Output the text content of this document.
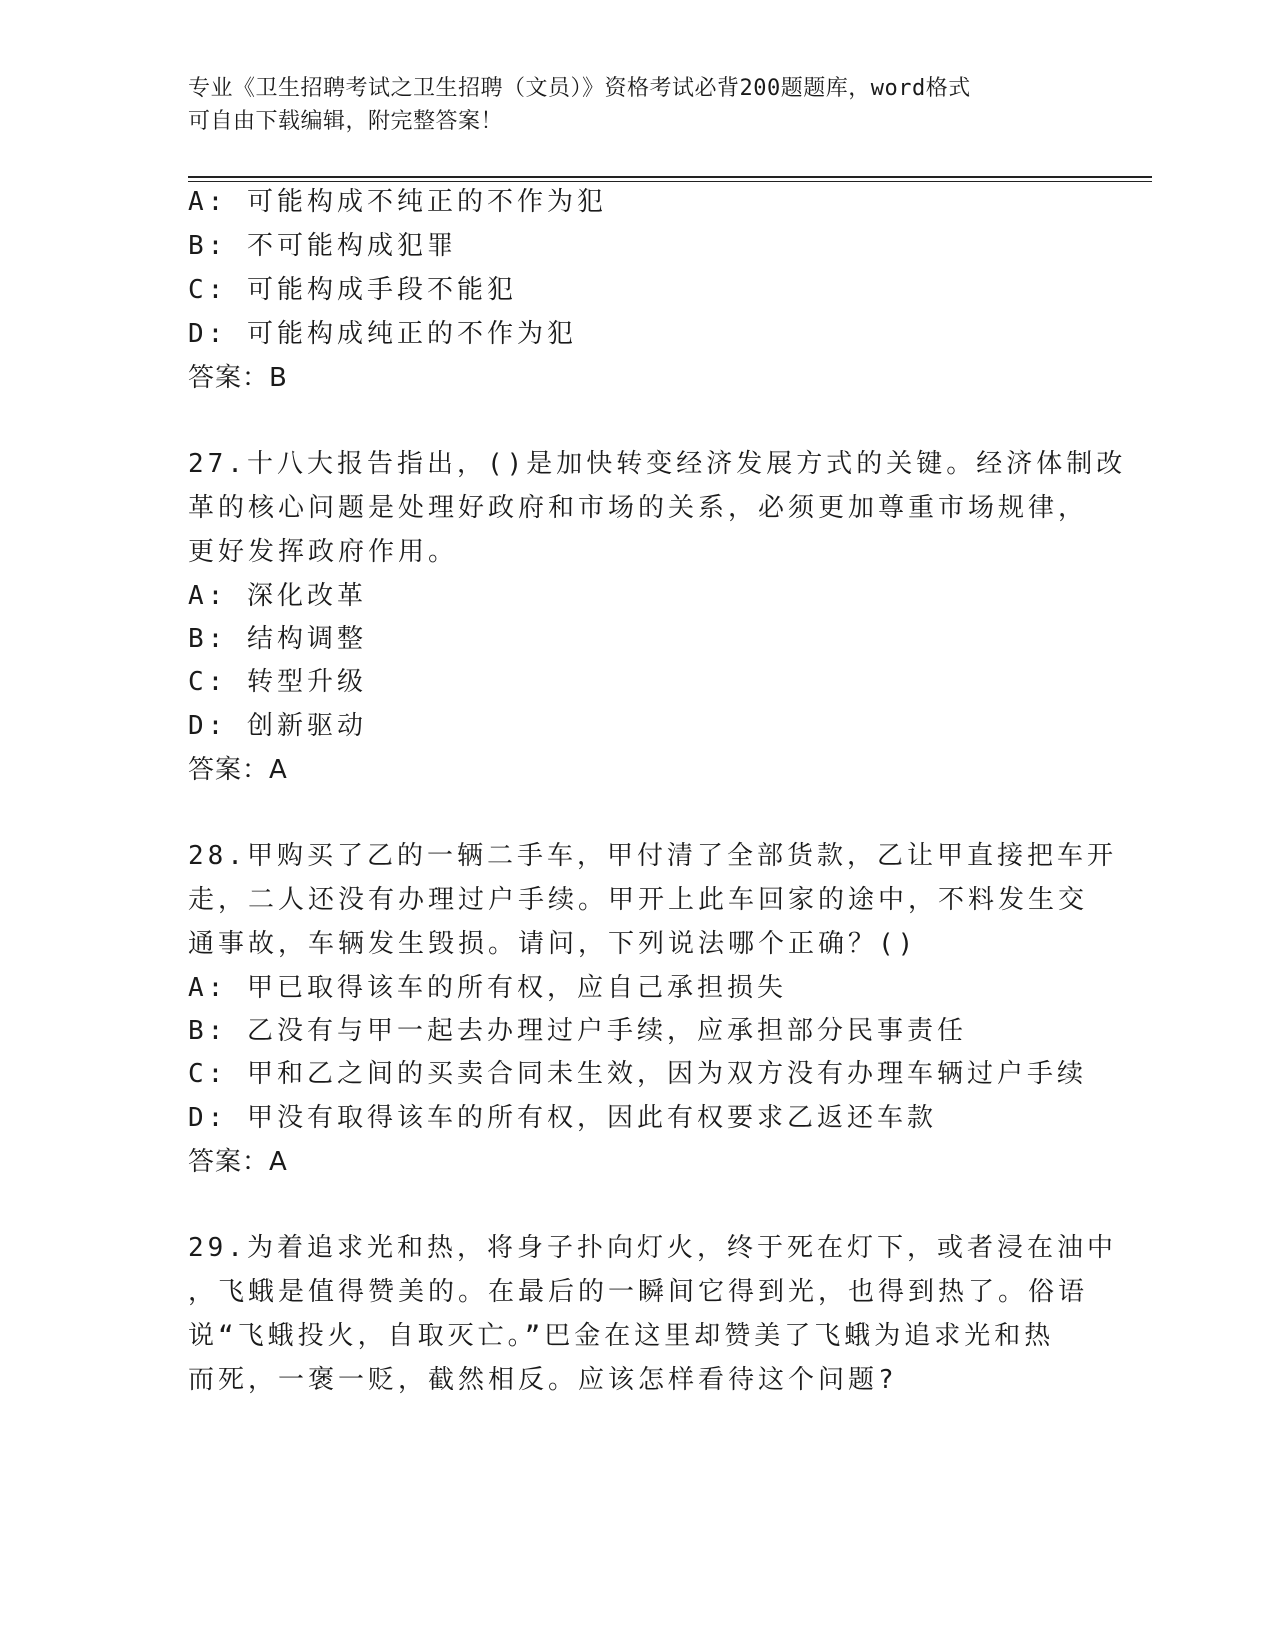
专业《卫生招聘考试之卫生招聘（文员）》资格考试必背200题题库，word格式
可自由下载编辑，附完整答案！
A: 可能构成不纯正的不作为犯
B: 不可能构成犯罪
C: 可能构成手段不能犯
D: 可能构成纯正的不作为犯
答案：B
27.十八大报告指出，()是加快转变经济发展方式的关键。经济体制改
革的核心问题是处理好政府和市场的关系，必须更加尊重市场规律，
更好发挥政府作用。
A: 深化改革
B: 结构调整
C: 转型升级
D: 创新驱动
答案：A
28.甲购买了乙的一辆二手车，甲付清了全部货款，乙让甲直接把车开
走，二人还没有办理过户手续。甲开上此车回家的途中，不料发生交
通事故，车辆发生毁损。请问，下列说法哪个正确？()
A: 甲已取得该车的所有权，应自己承担损失
B: 乙没有与甲一起去办理过户手续，应承担部分民事责任
C: 甲和乙之间的买卖合同未生效，因为双方没有办理车辆过户手续
D: 甲没有取得该车的所有权，因此有权要求乙返还车款
答案：A
29.为着追求光和热，将身子扑向灯火，终于死在灯下，或者浸在油中
，飞蛾是值得赞美的。在最后的一瞬间它得到光，也得到热了。俗语
说“飞蛾投火，自取灭亡。”巴金在这里却赞美了飞蛾为追求光和热
而死，一褒一贬，截然相反。应该怎样看待这个问题?
